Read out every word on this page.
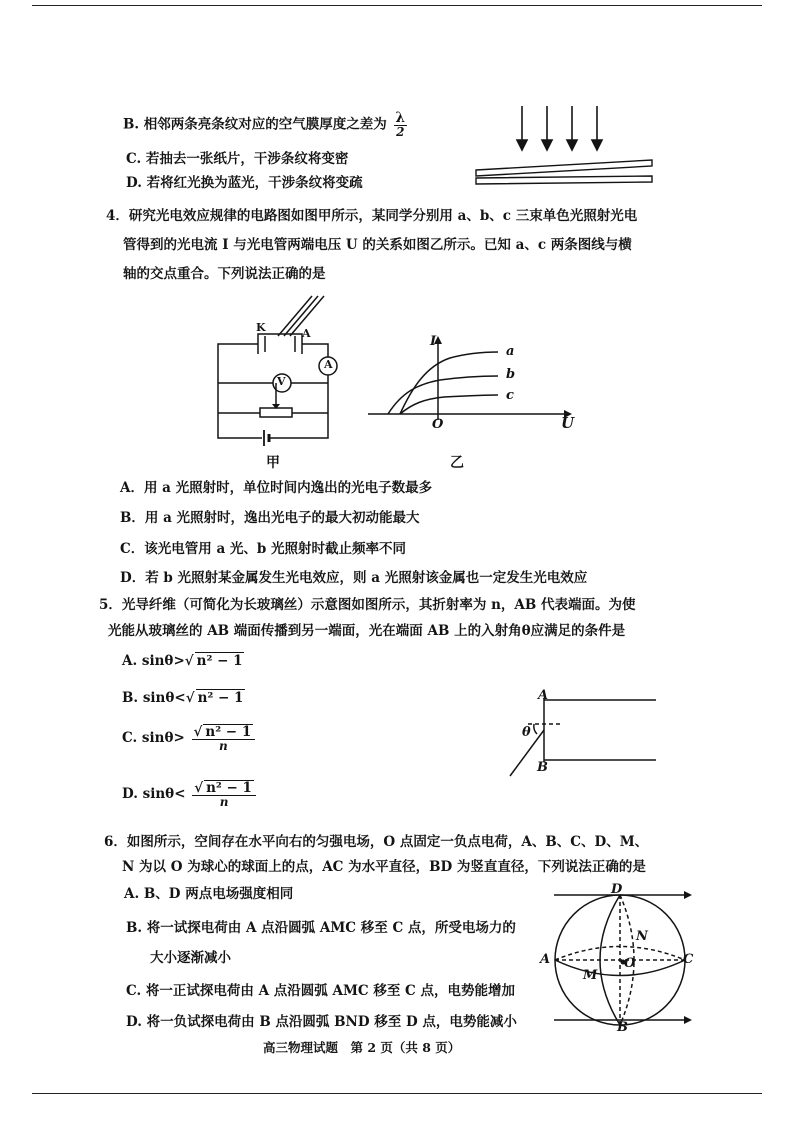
B. 相邻两条亮条纹对应的空气膜厚度之差为 $\frac{\lambda}{2}$
C. 若抽去一张纸片，干涉条纹将变密
D. 若将红光换为蓝光，干涉条纹将变疏
4．研究光电效应规律的电路图如图甲所示，某同学分别用 a、b、c 三束单色光照射光电
管得到的光电流 I 与光电管两端电压 U 的关系如图乙所示。已知 a、c 两条图线与横
轴的交点重合。下列说法正确的是
K	A
A
V
甲
I
U
O
a
b
c
乙
A．用 a 光照射时，单位时间内逸出的光电子数最多
B．用 a 光照射时，逸出光电子的最大初动能最大
C．该光电管用 a 光、b 光照射时截止频率不同
D．若 b 光照射某金属发生光电效应，则 a 光照射该金属也一定发生光电效应
5．光导纤维（可简化为长玻璃丝）示意图如图所示，其折射率为 n，AB 代表端面。为使
光能从玻璃丝的 AB 端面传播到另一端面，光在端面 AB 上的入射角θ应满足的条件是
A. sinθ>√ n² − 1
B. sinθ<√ n² − 1
C. $\sin\theta> \frac{\text{√ n² − 1}}{n}$
D. $\sin\theta< \frac{\text{√ n² − 1}}{n}$
A
B
θ
6．如图所示，空间存在水平向右的匀强电场，O 点固定一负点电荷，A、B、C、D、M、
N 为以 O 为球心的球面上的点，AC 为水平直径，BD 为竖直直径，下列说法正确的是
A. B、D 两点电场强度相同
B. 将一试探电荷由 A 点沿圆弧 AMC 移至 C 点，所受电场力的
大小逐渐减小
C. 将一正试探电荷由 A 点沿圆弧 AMC 移至 C 点，电势能增加
D. 将一负试探电荷由 B 点沿圆弧 BND 移至 D 点，电势能减小
D
A	C
N
O
M
B
高三物理试题　第 2 页（共 8 页）
